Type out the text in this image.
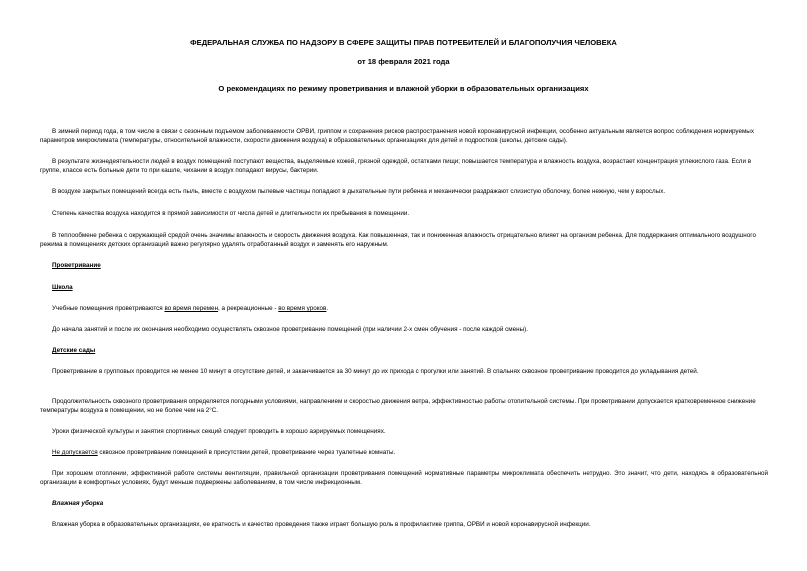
ФЕДЕРАЛЬНАЯ СЛУЖБА ПО НАДЗОРУ В СФЕРЕ ЗАЩИТЫ ПРАВ ПОТРЕБИТЕЛЕЙ И БЛАГОПОЛУЧИЯ ЧЕЛОВЕКА

от 18 февраля 2021 года

О рекомендациях по режиму проветривания и влажной уборки в образовательных организациях

В зимний период года, в том числе в связи с сезонным подъемом заболеваемости ОРВИ, гриппом и сохранения рисков распространения новой коронавирусной инфекции, особенно актуальным является вопрос соблюдения нормируемых параметров микроклимата (температуры, относительной влажности, скорости движения воздуха) в образовательных организациях для детей и подростков (школы, детские сады).

В результате жизнедеятельности людей в воздух помещений поступают вещества, выделяемые кожей, грязной одеждой, остатками пищи; повышается температура и влажность воздуха, возрастает концентрация углекислого газа. Если в группе, классе есть больные дети то при кашле, чихании в воздух попадают вирусы, бактерии.

В воздухе закрытых помещений всегда есть пыль, вместе с воздухом пылевые частицы попадают в дыхательные пути ребенка и механически раздражают слизистую оболочку, более нежную, чем у взрослых.

Степень качества воздуха находится в прямой зависимости от числа детей и длительности их пребывания в помещении.

В теплообмене ребенка с окружающей средой очень значимы влажность и скорость движения воздуха. Как повышенная, так и пониженная влажность отрицательно влияет на организм ребенка. Для поддержания оптимального воздушного режима в помещениях детских организаций важно регулярно удалять отработанный воздух и заменять его наружным.

Проветривание

Школа

Учебные помещения проветриваются во время перемен, а рекреационные - во время уроков.

До начала занятий и после их окончания необходимо осуществлять сквозное проветривание помещений (при наличии 2-х смен обучения - после каждой смены).

Детские сады

Проветривание в групповых проводится не менее 10 минут в отсутствие детей, и заканчивается за 30 минут до их прихода с прогулки или занятий. В спальнях сквозное проветривание проводится до укладывания детей.

Продолжительность сквозного проветривания определяется погодными условиями, направлением и скоростью движения ветра, эффективностью работы отопительной системы. При проветривании допускается кратковременное снижение температуры воздуха в помещении, но не более чем на 2°С.

Уроки физической культуры и занятия спортивных секций следует проводить в хорошо аэрируемых помещениях.

Не допускается сквозное проветривание помещений в присутствии детей, проветривание через туалетные комнаты.

При хорошем отоплении, эффективной работе системы вентиляции, правильной организации проветривания помещений нормативные параметры микроклимата обеспечить нетрудно. Это значит, что дети, находясь в образовательной организации в комфортных условиях, будут меньше подвержены заболеваниям, в том числе инфекционным.

Влажная уборка

Влажная уборка в образовательных организациях, ее кратность и качество проведения также играет большую роль в профилактике гриппа, ОРВИ и новой коронавирусной инфекции.
